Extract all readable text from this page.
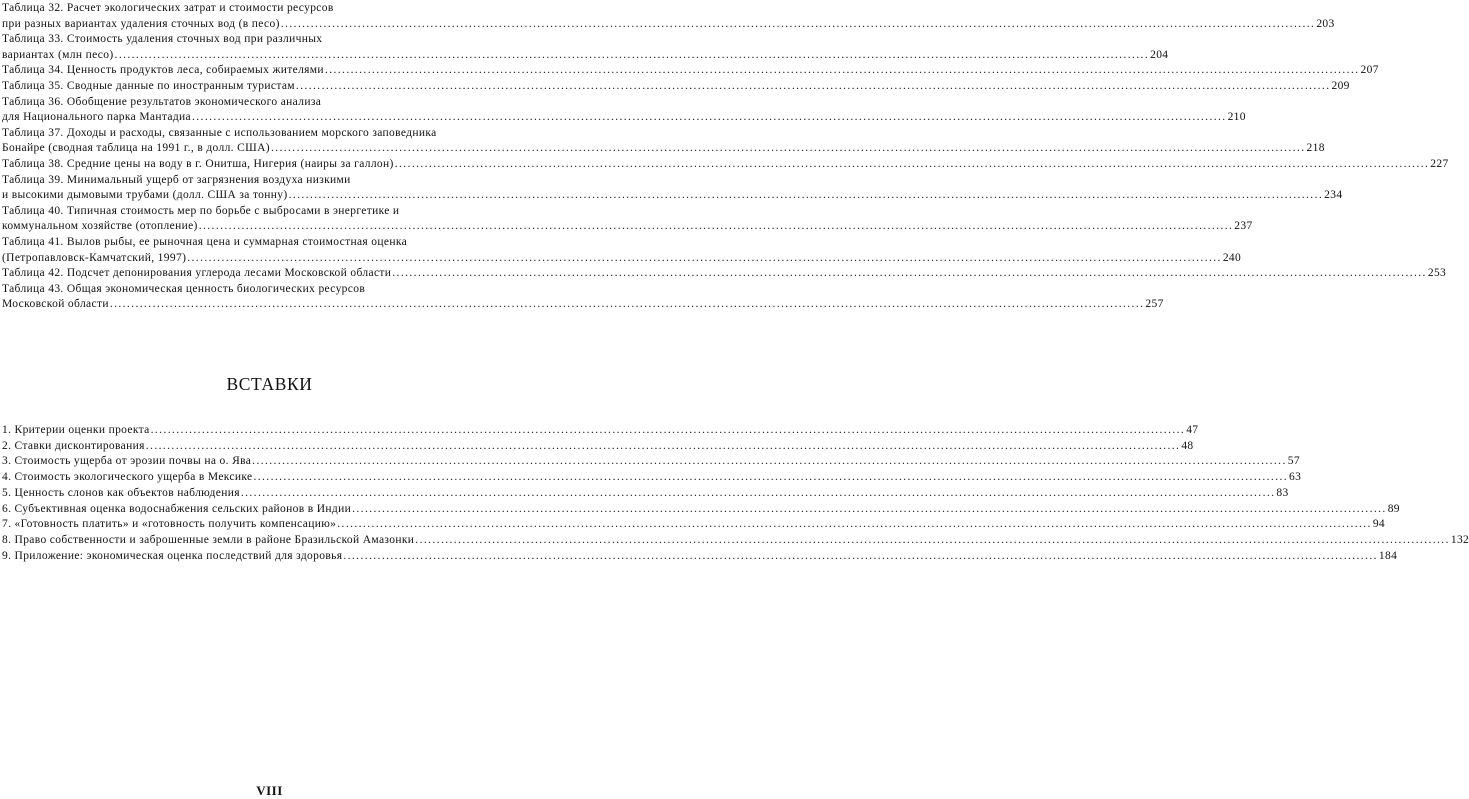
Таблица 32. Расчет экологических затрат и стоимости ресурсов
при разных вариантах удаления сточных вод (в песо) .....	203
Таблица 33. Стоимость удаления сточных вод при различных
вариантах (млн песо) .....	204
Таблица 34. Ценность продуктов леса, собираемых жителями .....	207
Таблица 35. Сводные данные по иностранным туристам .....	209
Таблица 36. Обобщение результатов экономического анализа
для Национального парка Мантадиа .....	210
Таблица 37. Доходы и расходы, связанные с использованием морского заповедника
Бонайре (сводная таблица на 1991 г., в долл. США) .....	218
Таблица 38. Средние цены на воду в г. Онитша, Нигерия (наиры за галлон) .....	227
Таблица 39. Минимальный ущерб от загрязнения воздуха низкими
и высокими дымовыми трубами (долл. США за тонну) .....	234
Таблица 40. Типичная стоимость мер по борьбе с выбросами в энергетике и
коммунальном хозяйстве (отопление) .....	237
Таблица 41. Вылов рыбы, ее рыночная цена и суммарная стоимостная оценка
(Петропавловск-Камчатский, 1997) .....	240
Таблица 42. Подсчет депонирования углерода лесами Московской области .....	253
Таблица 43. Общая экономическая ценность биологических ресурсов
Московской области .....	257
ВСТАВКИ
1. Критерии оценки проекта .....	47
2. Ставки дисконтирования .....	48
3. Стоимость ущерба от эрозии почвы на о. Ява .....	57
4. Стоимость экологического ущерба в Мексике .....	63
5. Ценность слонов как объектов наблюдения .....	83
6. Субъективная оценка водоснабжения сельских районов в Индии .....	89
7. «Готовность платить» и «готовность получить компенсацию» .....	94
8. Право собственности и заброшенные земли в районе Бразильской Амазонки .....	132
9. Приложение: экономическая оценка последствий для здоровья .....	184
VIII
